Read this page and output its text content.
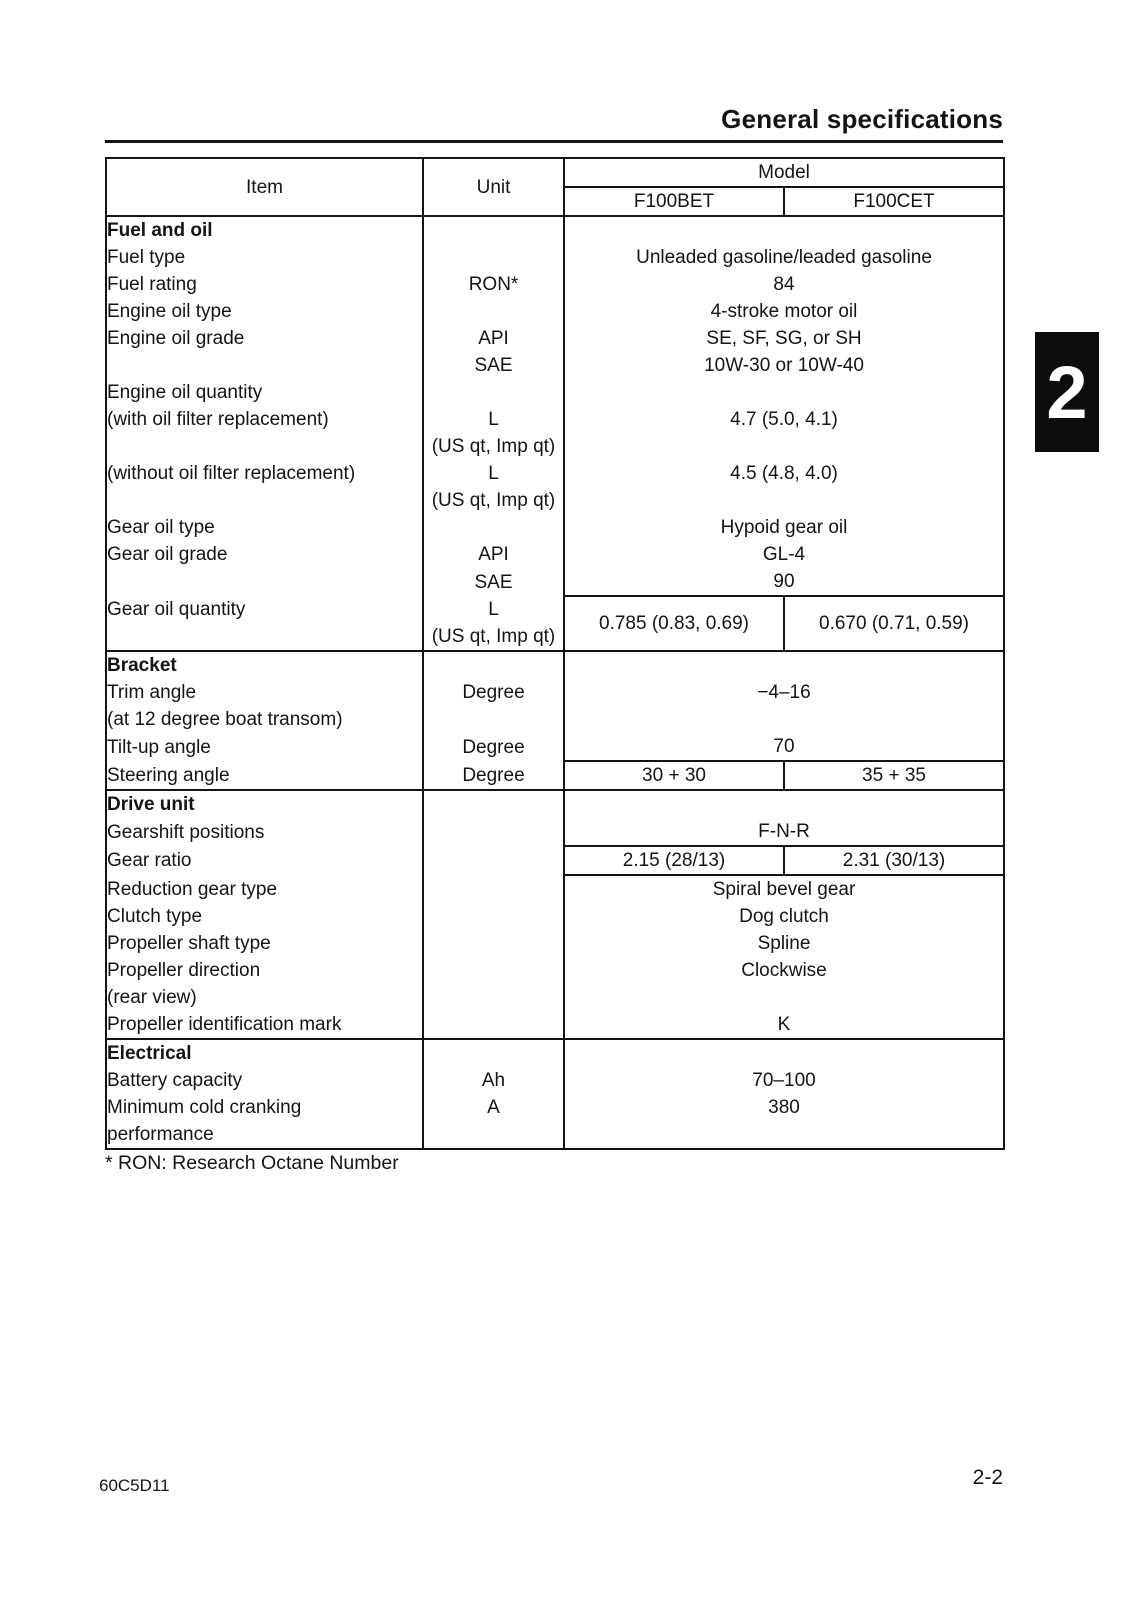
General specifications
2
Item	Unit	Model	
		F100BET	F100CET
Fuel and oil			
Fuel type		Unleaded gasoline/leaded gasoline	
Fuel rating	RON*	84	
Engine oil type		4-stroke motor oil	
Engine oil grade	API	SE, SF, SG, or SH	
	SAE	10W-30 or 10W-40	
Engine oil quantity			
(with oil filter replacement)	L	4.7 (5.0, 4.1)	
	(US qt, Imp qt)		
(without oil filter replacement)	L	4.5 (4.8, 4.0)	
	(US qt, Imp qt)		
Gear oil type		Hypoid gear oil	
Gear oil grade	API	GL-4	
	SAE	90	
Gear oil quantity	L	0.785 (0.83, 0.69)	0.670 (0.71, 0.59)
	(US qt, Imp qt)		
Bracket			
Trim angle	Degree	−4–16	
(at 12 degree boat transom)			
Tilt-up angle	Degree	70	
Steering angle	Degree	30 + 30	35 + 35
Drive unit			
Gearshift positions		F-N-R	
Gear ratio		2.15 (28/13)	2.31 (30/13)
Reduction gear type		Spiral bevel gear	
Clutch type		Dog clutch	
Propeller shaft type		Spline	
Propeller direction		Clockwise	
(rear view)			
Propeller identification mark		K	
Electrical			
Battery capacity	Ah	70–100	
Minimum cold cranking	A	380	
performance			
* RON: Research Octane Number
60C5D11	2-2
